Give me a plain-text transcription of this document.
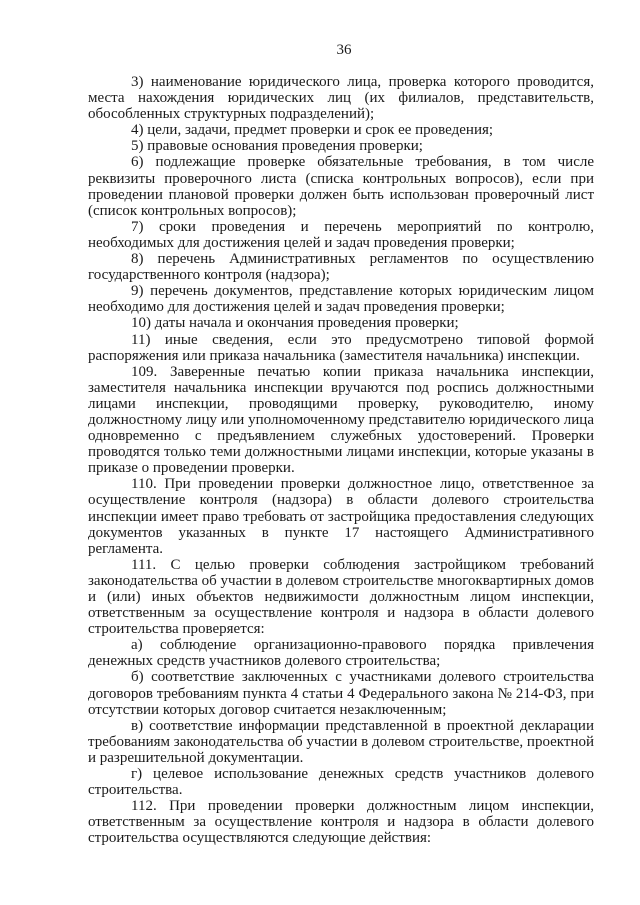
36

3) наименование юридического лица, проверка которого проводится, места нахождения юридических лиц (их филиалов, представительств, обособленных структурных подразделений);

4) цели, задачи, предмет проверки и срок ее проведения;

5) правовые основания проведения проверки;

6) подлежащие проверке обязательные требования, в том числе реквизиты проверочного листа (списка контрольных вопросов), если при проведении плановой проверки должен быть использован проверочный лист (список контрольных вопросов);

7) сроки проведения и перечень мероприятий по контролю, необходимых для достижения целей и задач проведения проверки;

8) перечень Административных регламентов по осуществлению государственного контроля (надзора);

9) перечень документов, представление которых юридическим лицом необходимо для достижения целей и задач проведения проверки;

10) даты начала и окончания проведения проверки;

11) иные сведения, если это предусмотрено типовой формой распоряжения или приказа начальника (заместителя начальника) инспекции.

109. Заверенные печатью копии приказа начальника инспекции, заместителя начальника инспекции вручаются под роспись должностными лицами инспекции, проводящими проверку, руководителю, иному должностному лицу или уполномоченному представителю юридического лица одновременно с предъявлением служебных удостоверений. Проверки проводятся только теми должностными лицами инспекции, которые указаны в приказе о проведении проверки.

110. При проведении проверки должностное лицо, ответственное за осуществление контроля (надзора) в области долевого строительства инспекции имеет право требовать от застройщика предоставления следующих документов указанных в пункте 17 настоящего Административного регламента.

111. С целью проверки соблюдения застройщиком требований законодательства об участии в долевом строительстве многоквартирных домов и (или) иных объектов недвижимости должностным лицом инспекции, ответственным за осуществление контроля и надзора в области долевого строительства проверяется:

а) соблюдение организационно-правового порядка привлечения денежных средств участников долевого строительства;

б) соответствие заключенных с участниками долевого строительства договоров требованиям пункта 4 статьи 4 Федерального закона № 214-ФЗ, при отсутствии которых договор считается незаключенным;

в) соответствие информации представленной в проектной декларации требованиям законодательства об участии в долевом строительстве, проектной и разрешительной документации.

г) целевое использование денежных средств участников долевого строительства.

112. При проведении проверки должностным лицом инспекции, ответственным за осуществление контроля и надзора в области долевого строительства осуществляются следующие действия:
